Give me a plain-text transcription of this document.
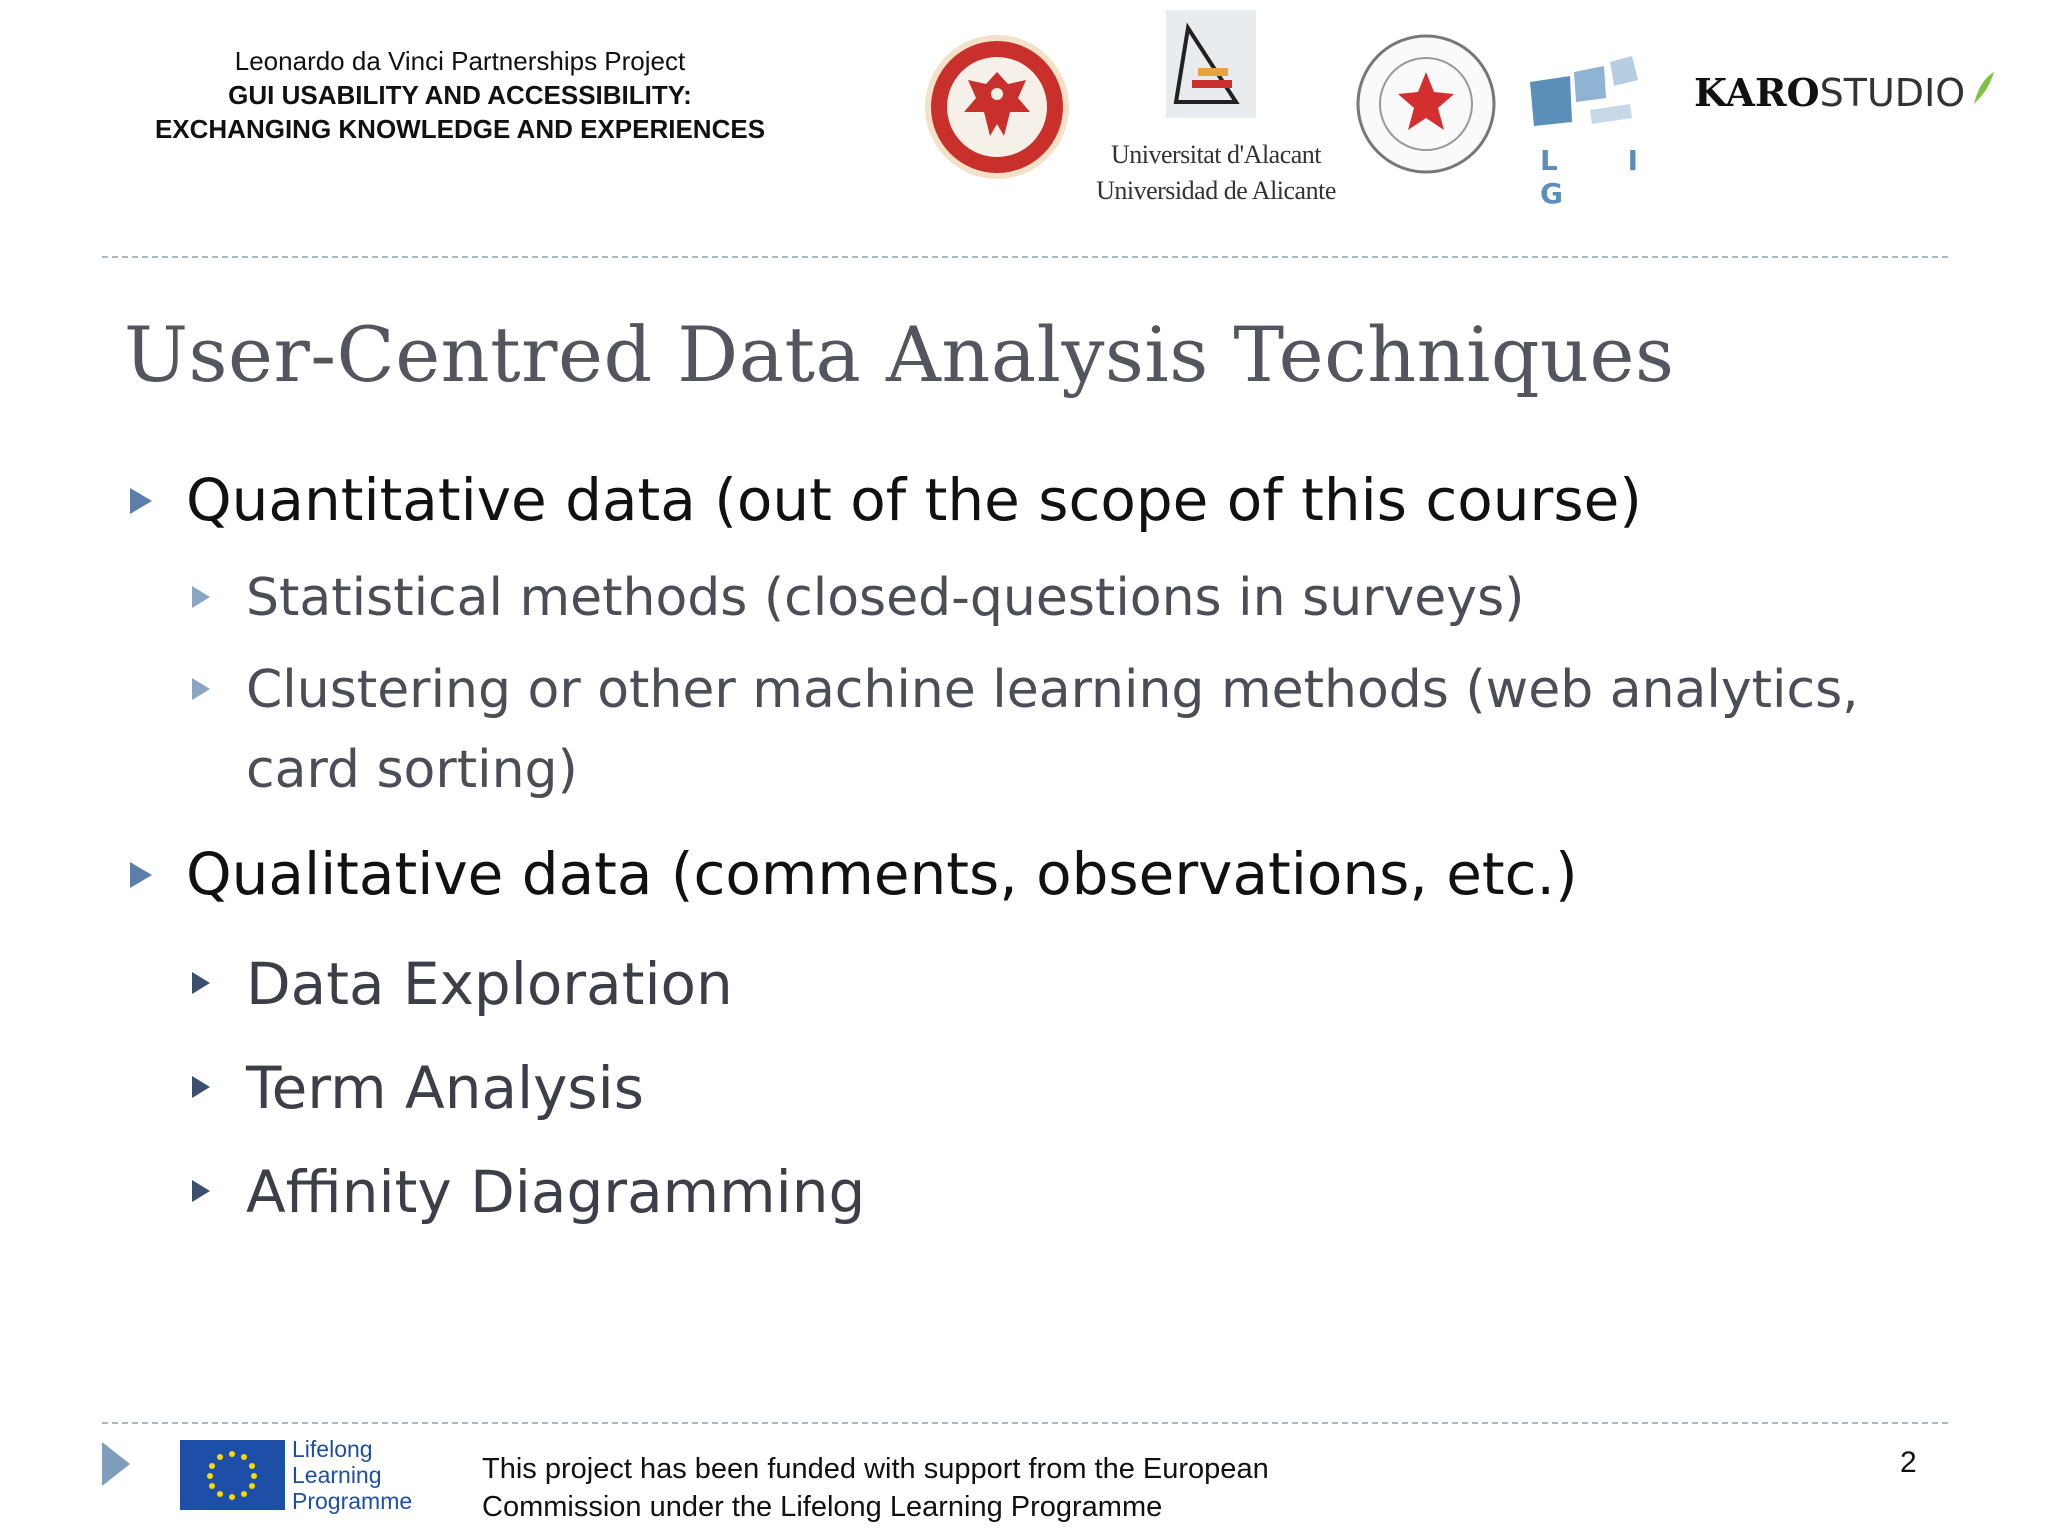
Leonardo da Vinci Partnerships Project
GUI USABILITY AND ACCESSIBILITY:
EXCHANGING KNOWLEDGE AND EXPERIENCES
Universitat d'Alacant
Universidad de Alicante
L I G
KAROSTUDIO
User-Centred Data Analysis Techniques
Quantitative data (out of the scope of this course)
Statistical methods (closed-questions in surveys)
Clustering or other machine learning methods (web analytics,
card sorting)
Qualitative data (comments, observations, etc.)
Data Exploration
Term Analysis
Affinity Diagramming
Lifelong
Learning
Programme
This project has been funded with support from the European
Commission under the Lifelong Learning Programme
2
